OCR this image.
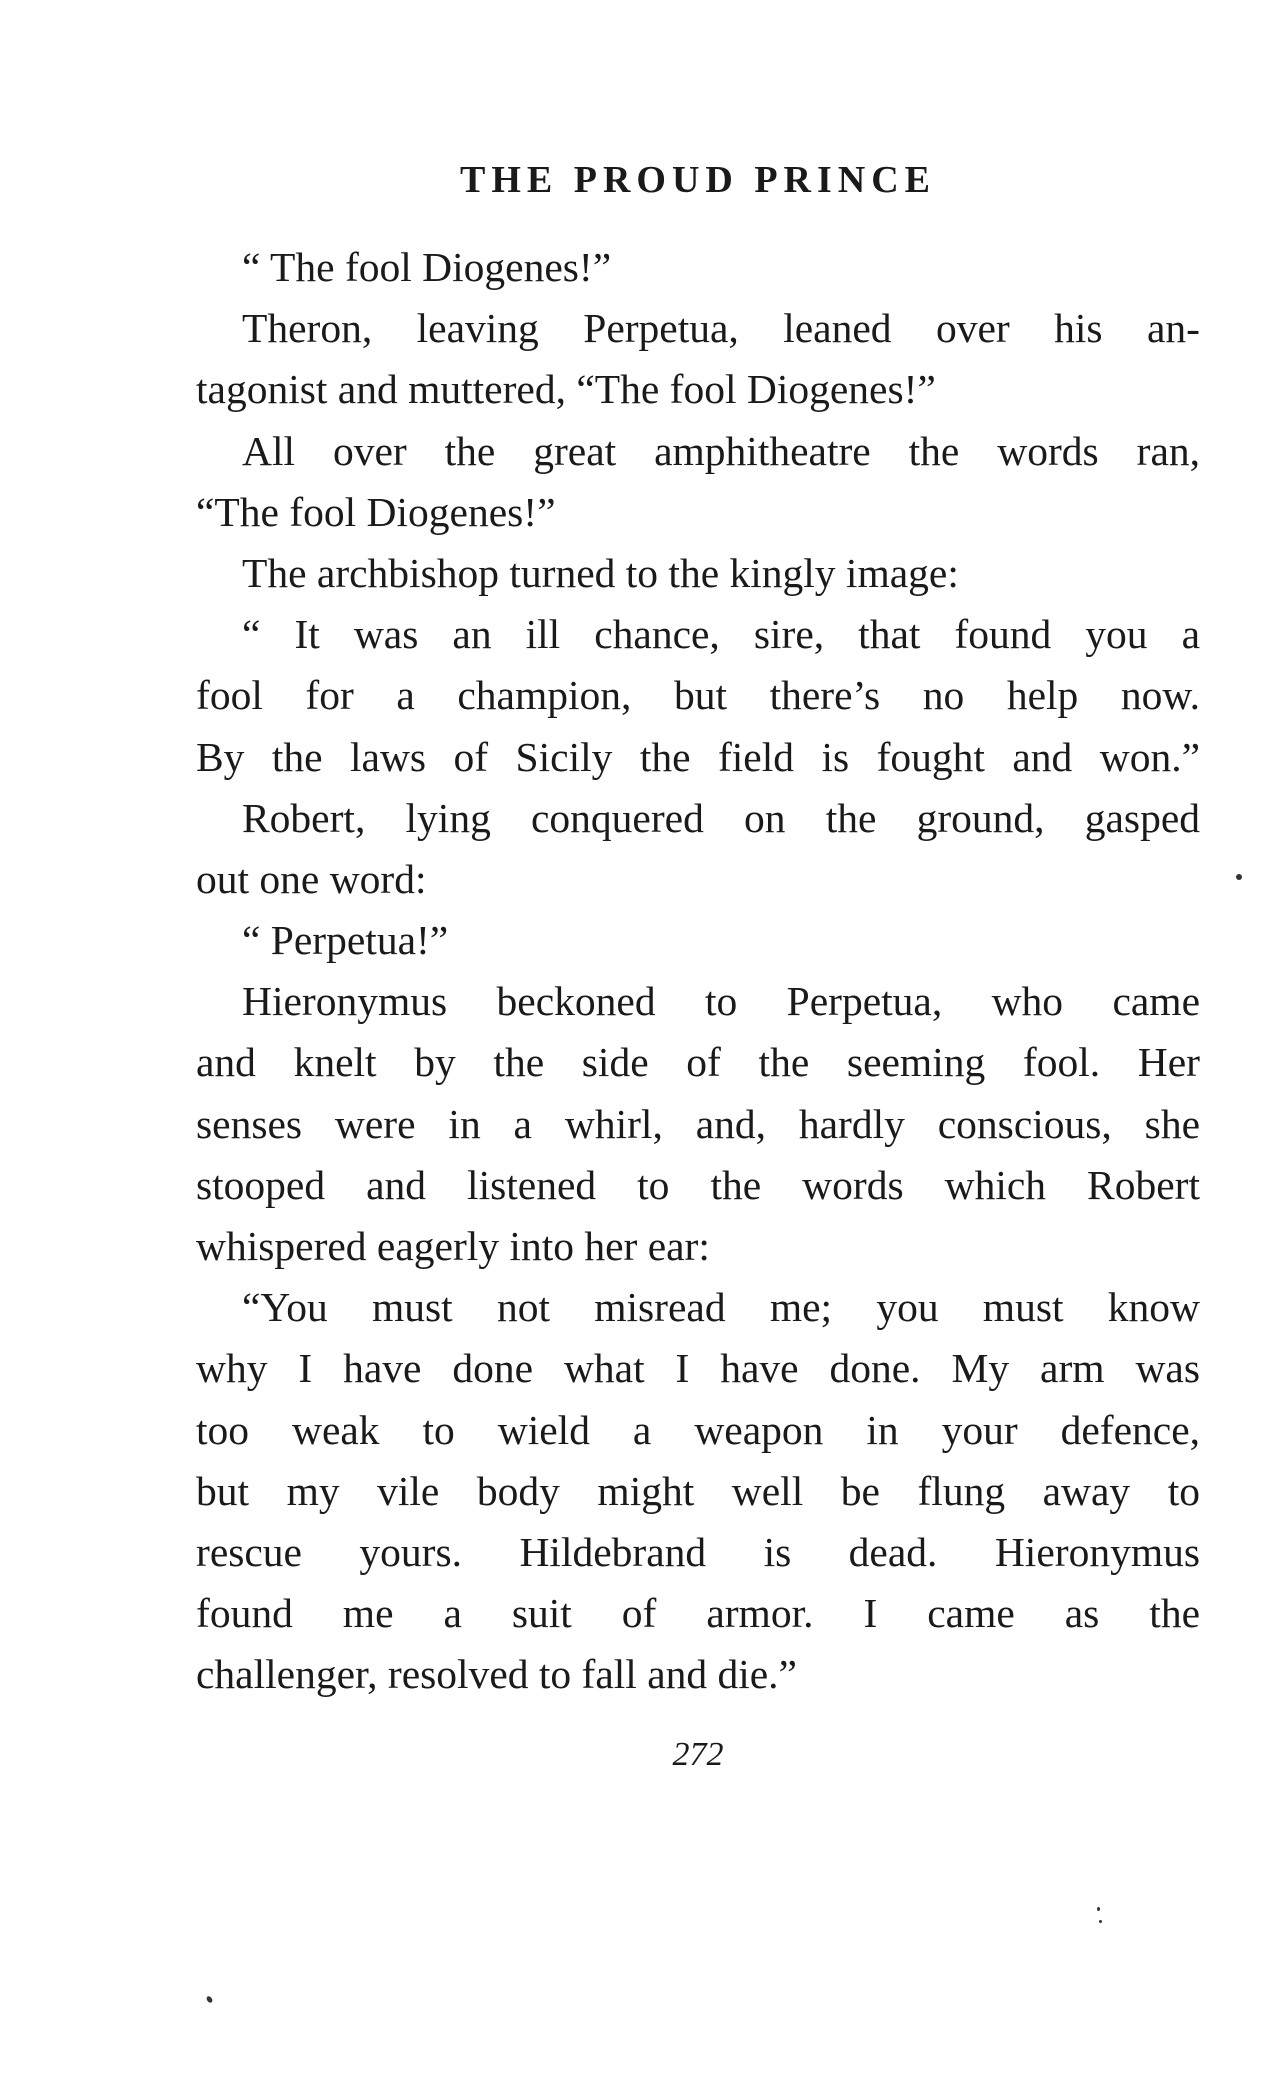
THE PROUD PRINCE
“ The fool Diogenes!”
Theron, leaving Perpetua, leaned over his an-
tagonist and muttered, “The fool Diogenes!”
All over the great amphitheatre the words ran,
“The fool Diogenes!”
The archbishop turned to the kingly image:
“ It was an ill chance, sire, that found you a
fool for a champion, but there’s no help now.
By the laws of Sicily the field is fought and won.”
Robert, lying conquered on the ground, gasped
out one word:
“ Perpetua!”
Hieronymus beckoned to Perpetua, who came
and knelt by the side of the seeming fool. Her
senses were in a whirl, and, hardly conscious, she
stooped and listened to the words which Robert
whispered eagerly into her ear:
“You must not misread me; you must know
why I have done what I have done. My arm was
too weak to wield a weapon in your defence,
but my vile body might well be flung away to
rescue yours. Hildebrand is dead. Hieronymus
found me a suit of armor. I came as the
challenger, resolved to fall and die.”
272
